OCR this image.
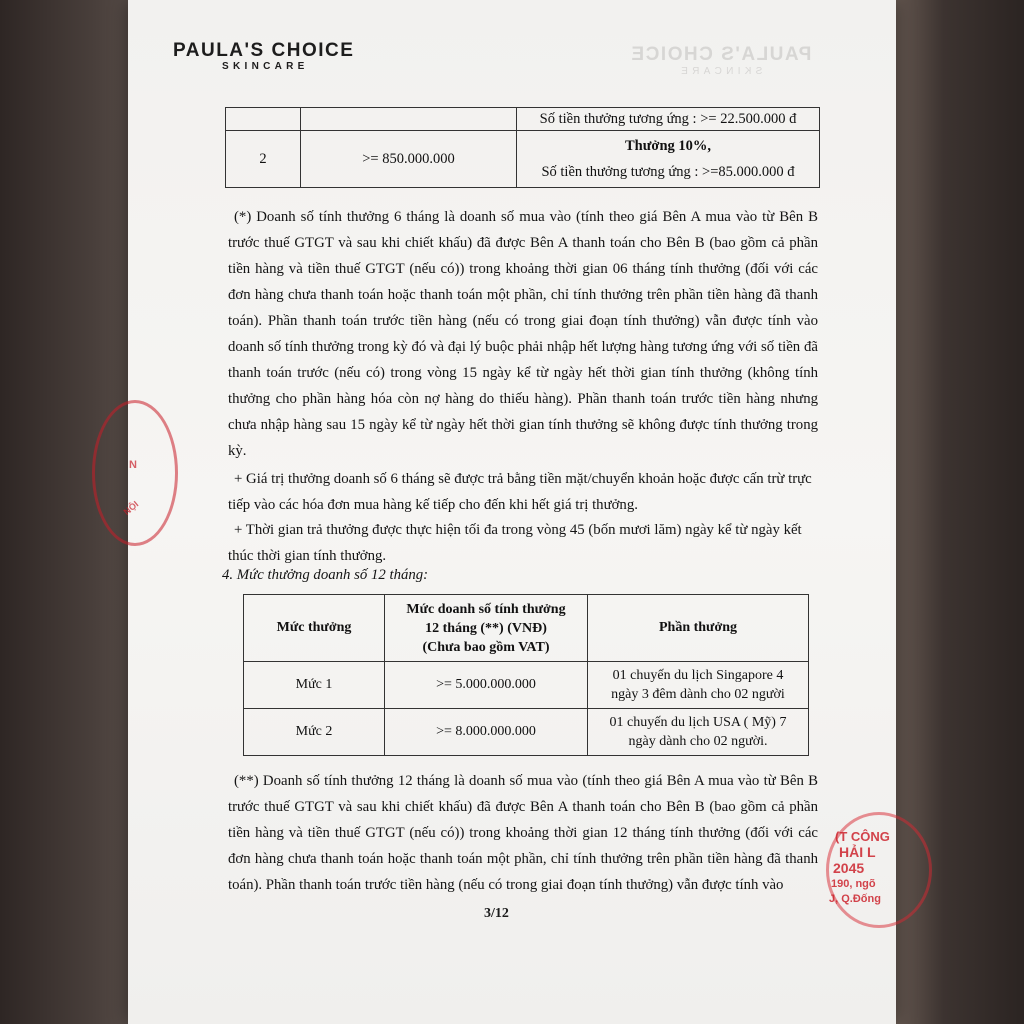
PAULA'S CHOICE
SKINCARE
PAULA'S CHOICE
SKINCARE
		Số tiền thưởng tương ứng : >= 22.500.000 đ
2	>= 850.000.000	Thưởng 10%,
Số tiền thưởng tương ứng : >=85.000.000 đ
(*) Doanh số tính thưởng 6 tháng là doanh số mua vào (tính theo giá Bên A mua vào từ Bên B trước thuế GTGT và sau khi chiết khấu) đã được Bên A thanh toán cho Bên B (bao gồm cả phần tiền hàng và tiền thuế GTGT (nếu có)) trong khoảng thời gian 06 tháng tính thưởng (đối với các đơn hàng chưa thanh toán hoặc thanh toán một phần, chỉ tính thưởng trên phần tiền hàng đã thanh toán). Phần thanh toán trước tiền hàng (nếu có trong giai đoạn tính thưởng) vẫn được tính vào doanh số tính thưởng trong kỳ đó và đại lý buộc phải nhập hết lượng hàng tương ứng với số tiền đã thanh toán trước (nếu có) trong vòng 15 ngày kể từ ngày hết thời gian tính thưởng (không tính thưởng cho phần hàng hóa còn nợ hàng do thiếu hàng). Phần thanh toán trước tiền hàng nhưng chưa nhập hàng sau 15 ngày kể từ ngày hết thời gian tính thưởng sẽ không được tính thưởng trong kỳ.
+ Giá trị thưởng doanh số 6 tháng sẽ được trả bằng tiền mặt/chuyển khoản hoặc được cấn trừ trực tiếp vào các hóa đơn mua hàng kế tiếp cho đến khi hết giá trị thưởng.
+ Thời gian trả thưởng được thực hiện tối đa trong vòng 45 (bốn mươi lăm) ngày kể từ ngày kết thúc thời gian tính thưởng.
4. Mức thưởng doanh số 12 tháng:
Mức thưởng	Mức doanh số tính thưởng
12 tháng (**) (VNĐ)
(Chưa bao gồm VAT)	Phần thưởng
Mức 1	>= 5.000.000.000	01 chuyến du lịch Singapore 4
ngày 3 đêm dành cho 02 người

Mức 2	>= 8.000.000.000	01 chuyến du lịch USA ( Mỹ) 7
ngày dành cho 02 người.
(**) Doanh số tính thưởng 12 tháng là doanh số mua vào (tính theo giá Bên A mua vào từ Bên B trước thuế GTGT và sau khi chiết khấu) đã được Bên A thanh toán cho Bên B (bao gồm cả phần tiền hàng và tiền thuế GTGT (nếu có)) trong khoảng thời gian 12 tháng tính thưởng (đối với các đơn hàng chưa thanh toán hoặc thanh toán một phần, chỉ tính thưởng trên phần tiền hàng đã thanh toán). Phần thanh toán trước tiền hàng (nếu có trong giai đoạn tính thưởng) vẫn được tính vào
3/12
N
NỘI
(T CÔNG
HẢI L
2045
190, ngõ
J, Q.Đống
